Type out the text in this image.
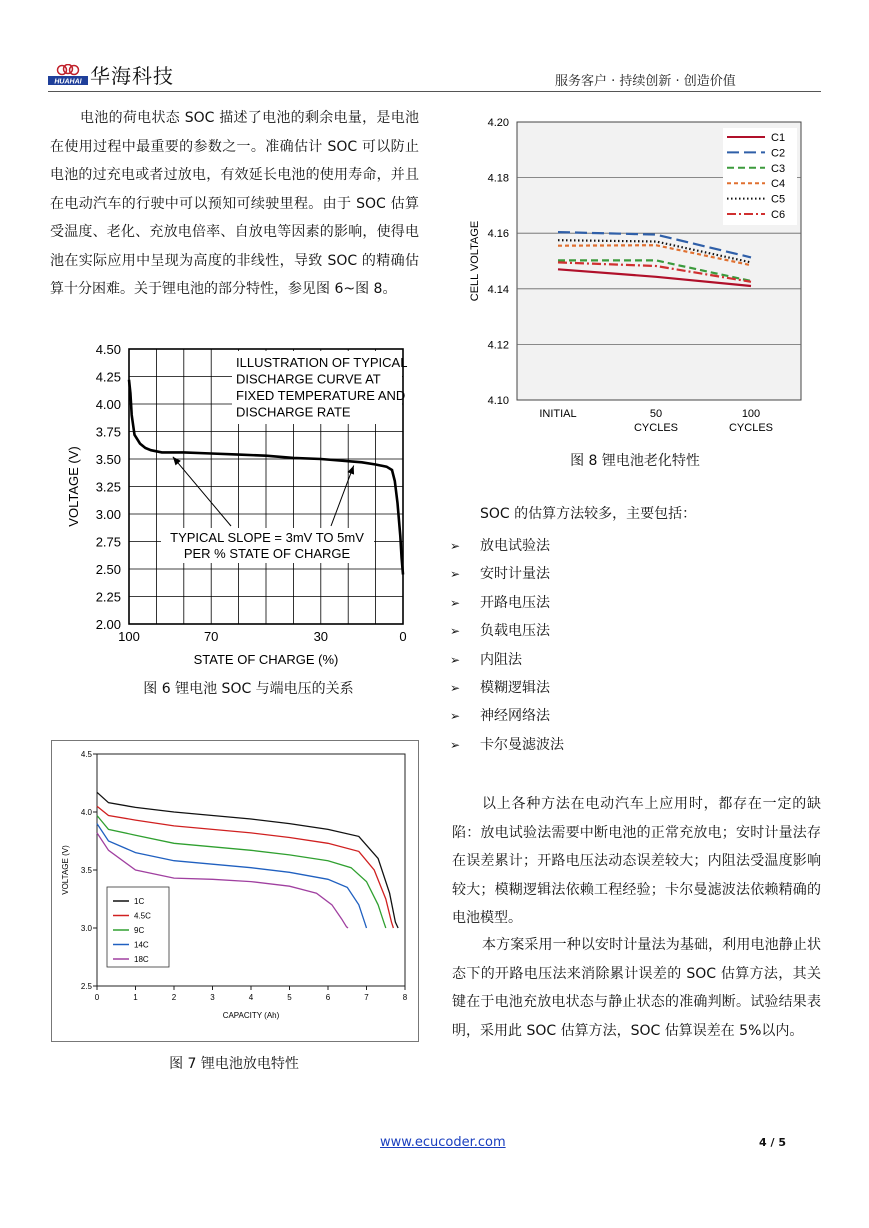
HUAHAI 华海科技	服务客户 · 持续创新 · 创造价值

电池的荷电状态 SOC 描述了电池的剩余电量，是电池在使用过程中最重要的参数之一。准确估计 SOC 可以防止电池的过充电或者过放电，有效延长电池的使用寿命，并且在电动汽车的行驶中可以预知可续驶里程。由于 SOC 估算受温度、老化、充放电倍率、自放电等因素的影响，使得电池在实际应用中呈现为高度的非线性，导致 SOC 的精确估算十分困难。关于锂电池的部分特性，参见图 6~图 8。

4.50
4.25
4.00
3.75
3.50
3.25
3.00
2.75
2.50
2.25
2.00
100	70	30	0
STATE OF CHARGE (%)
VOLTAGE (V)
ILLUSTRATION OF TYPICAL
DISCHARGE CURVE AT
FIXED TEMPERATURE AND
DISCHARGE RATE
TYPICAL SLOPE = 3mV TO 5mV
PER % STATE OF CHARGE
图 6 锂电池 SOC 与端电压的关系
4.5
4.0
3.5
3.0
2.5
0	1	2	3	4	5	6	7	8
CAPACITY (Ah)
VOLTAGE (V)
1C
4.5C
9C
14C
18C
图 7 锂电池放电特性
4.20
4.18
4.16
4.14
4.12
4.10
CELL VOLTAGE
INITIAL	50
CYCLES
100
CYCLES
C1
C2
C3
C4
C5
C6
图 8 锂电池老化特性
SOC 的估算方法较多，主要包括：
➢ 放电试验法
➢ 安时计量法
➢ 开路电压法
➢ 负载电压法
➢ 内阻法
➢ 模糊逻辑法
➢ 神经网络法
➢ 卡尔曼滤波法

以上各种方法在电动汽车上应用时，都存在一定的缺陷：放电试验法需要中断电池的正常充放电；安时计量法存在误差累计；开路电压法动态误差较大；内阻法受温度影响较大；模糊逻辑法依赖工程经验；卡尔曼滤波法依赖精确的电池模型。

本方案采用一种以安时计量法为基础，利用电池静止状态下的开路电压法来消除累计误差的 SOC 估算方法，其关键在于电池充放电状态与静止状态的准确判断。试验结果表明，采用此 SOC 估算方法，SOC 估算误差在 5%以内。

www.ecucoder.com	4 / 5
